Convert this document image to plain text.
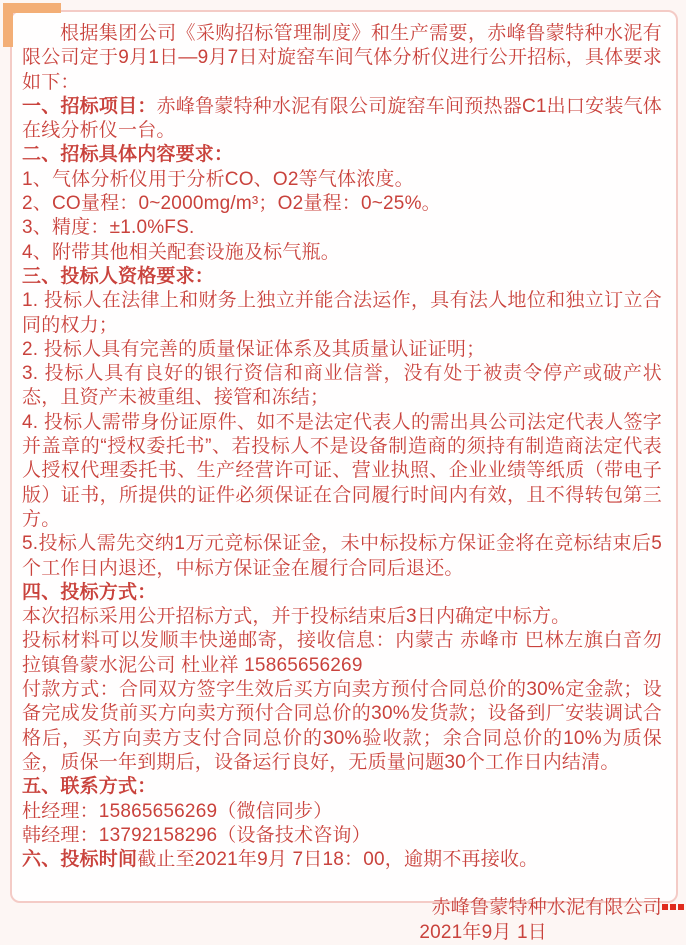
根据集团公司《采购招标管理制度》和生产需要，赤峰鲁蒙特种水泥有限公司定于9月1日—9月7日对旋窑车间气体分析仪进行公开招标，具体要求如下：

一、招标项目：赤峰鲁蒙特种水泥有限公司旋窑车间预热器C1出口安装气体在线分析仪一台。

二、招标具体内容要求：

1、气体分析仪用于分析CO、O2等气体浓度。

2、CO量程：0~2000mg/m³；O2量程：0~25%。

3、精度：±1.0%FS.

4、附带其他相关配套设施及标气瓶。

三、投标人资格要求：

1. 投标人在法律上和财务上独立并能合法运作，具有法人地位和独立订立合同的权力；

2. 投标人具有完善的质量保证体系及其质量认证证明；

3. 投标人具有良好的银行资信和商业信誉，没有处于被责令停产或破产状态，且资产未被重组、接管和冻结；

4. 投标人需带身份证原件、如不是法定代表人的需出具公司法定代表人签字并盖章的“授权委托书”、若投标人不是设备制造商的须持有制造商法定代表人授权代理委托书、生产经营许可证、营业执照、企业业绩等纸质（带电子版）证书，所提供的证件必须保证在合同履行时间内有效，且不得转包第三方。

5.投标人需先交纳1万元竞标保证金，未中标投标方保证金将在竞标结束后5个工作日内退还，中标方保证金在履行合同后退还。

四、投标方式：

本次招标采用公开招标方式，并于投标结束后3日内确定中标方。

投标材料可以发顺丰快递邮寄，接收信息：内蒙古 赤峰市 巴林左旗白音勿拉镇鲁蒙水泥公司 杜业祥 15865656269

付款方式：合同双方签字生效后买方向卖方预付合同总价的30%定金款；设备完成发货前买方向卖方预付合同总价的30%发货款；设备到厂安装调试合格后，买方向卖方支付合同总价的30%验收款；余合同总价的10%为质保金，质保一年到期后，设备运行良好，无质量问题30个工作日内结清。

五、联系方式：

杜经理：15865656269（微信同步）

韩经理：13792158296（设备技术咨询）

六、投标时间截止至2021年9月 7日18：00，逾期不再接收。

赤峰鲁蒙特种水泥有限公司
2021年9月 1日
